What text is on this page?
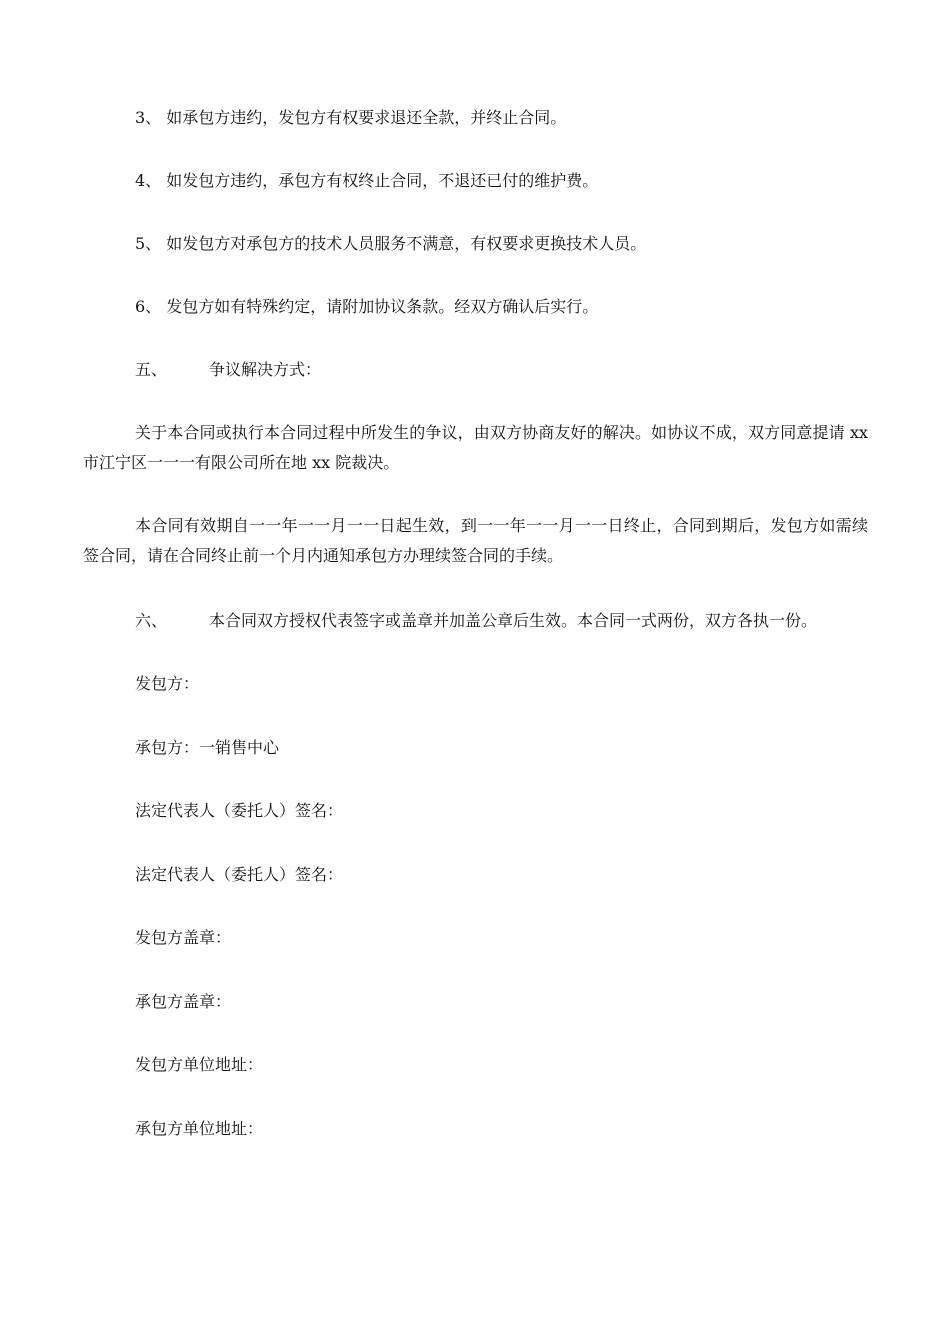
3、 如承包方违约，发包方有权要求退还全款，并终止合同。
4、 如发包方违约，承包方有权终止合同，不退还已付的维护费。
5、 如发包方对承包方的技术人员服务不满意，有权要求更换技术人员。
6、 发包方如有特殊约定，请附加协议条款。经双方确认后实行。
五、	争议解决方式：
关于本合同或执行本合同过程中所发生的争议，由双方协商友好的解决。如协议不成，双方同意提请 xx 市江宁区一一一有限公司所在地 xx 院裁决。
本合同有效期自一一年一一月一一日起生效，到一一年一一月一一日终止，合同到期后，发包方如需续签合同，请在合同终止前一个月内通知承包方办理续签合同的手续。
六、	本合同双方授权代表签字或盖章并加盖公章后生效。本合同一式两份，双方各执一份。
发包方：
承包方：一销售中心
法定代表人（委托人）签名：
法定代表人（委托人）签名：
发包方盖章：
承包方盖章：
发包方单位地址：
承包方单位地址：
